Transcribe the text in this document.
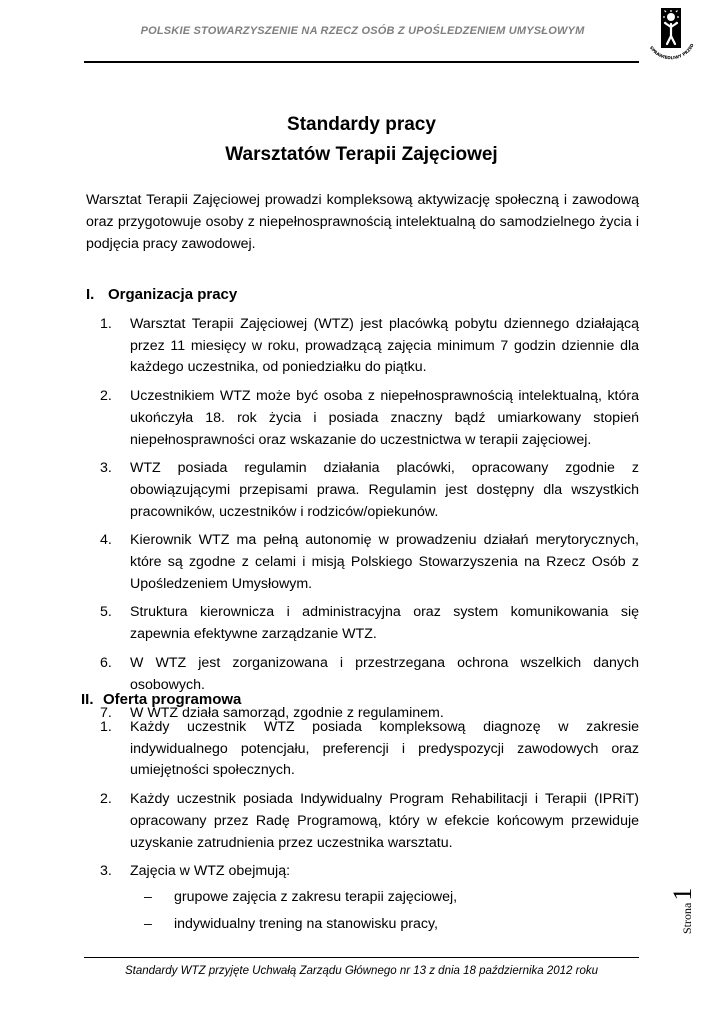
POLSKIE STOWARZYSZENIE NA RZECZ OSÓB Z UPOŚLEDZENIEM UMYSŁOWYM
SPRAWIEDLIWY PRZED
Standardy pracy
Warsztatów Terapii Zajęciowej
Warsztat Terapii Zajęciowej prowadzi kompleksową aktywizację społeczną i zawodową oraz przygotowuje osoby z niepełnosprawnością intelektualną do samodzielnego życia i podjęcia pracy zawodowej.
I. Organizacja pracy
1.	Warsztat Terapii Zajęciowej (WTZ) jest placówką pobytu dziennego działającą przez 11 miesięcy w roku, prowadzącą zajęcia minimum 7 godzin dziennie dla każdego uczestnika, od poniedziałku do piątku.
2.	Uczestnikiem WTZ może być osoba z niepełnosprawnością intelektualną, która ukończyła 18. rok życia i posiada znaczny bądź umiarkowany stopień niepełnosprawności oraz wskazanie do uczestnictwa w terapii zajęciowej.
3.	WTZ posiada regulamin działania placówki, opracowany zgodnie z obowiązującymi przepisami prawa. Regulamin jest dostępny dla wszystkich pracowników, uczestników i rodziców/opiekunów.
4.	Kierownik WTZ ma pełną autonomię w prowadzeniu działań merytorycznych, które są zgodne z celami i misją Polskiego Stowarzyszenia na Rzecz Osób z Upośledzeniem Umysłowym.
5.	Struktura kierownicza i administracyjna oraz system komunikowania się zapewnia efektywne zarządzanie WTZ.
6.	W WTZ jest zorganizowana i przestrzegana ochrona wszelkich danych osobowych.
7.	W WTZ działa samorząd, zgodnie z regulaminem.
II. Oferta programowa
1.	Każdy uczestnik WTZ posiada kompleksową diagnozę w zakresie indywidualnego potencjału, preferencji i predyspozycji zawodowych oraz umiejętności społecznych.
2.	Każdy uczestnik posiada Indywidualny Program Rehabilitacji i Terapii (IPRiT) opracowany przez Radę Programową, który w efekcie końcowym przewiduje uzyskanie zatrudnienia przez uczestnika warsztatu.
3.	Zajęcia w WTZ obejmują:
– grupowe zajęcia z zakresu terapii zajęciowej,
– indywidualny trening na stanowisku pracy,	Strona1
Standardy WTZ przyjęte Uchwałą Zarządu Głównego nr 13 z dnia 18 października 2012 roku
